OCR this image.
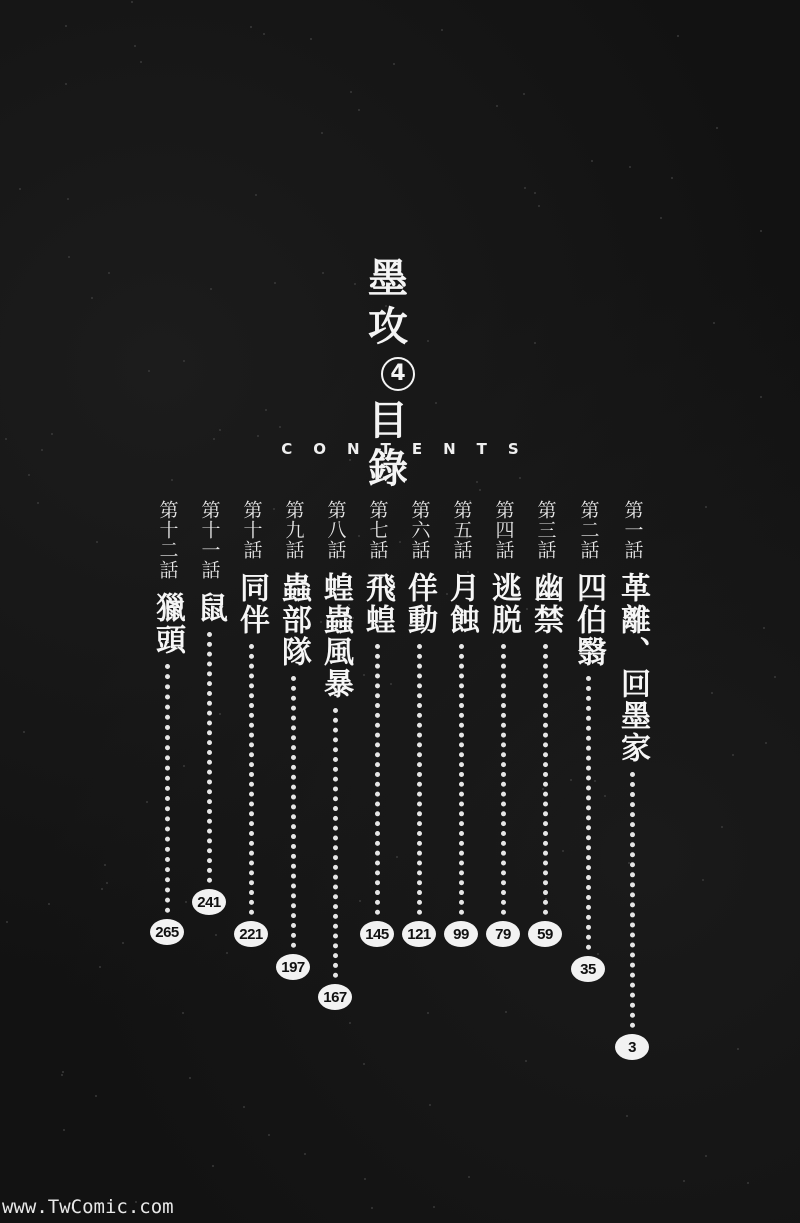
墨攻
4
目錄
CONTENTS
第一話
革離、回墨家
3
第二話
四伯翳
35
第三話
幽禁
59
第四話
逃脱
79
第五話
月蝕
99
第六話
佯動
121
第七話
飛蝗
145
第八話
蝗蟲風暴
167
第九話
蟲部隊
197
第十話
同伴
221
第十一話
鼠
241
第十二話
獵頭
265
www.TwComic.com
